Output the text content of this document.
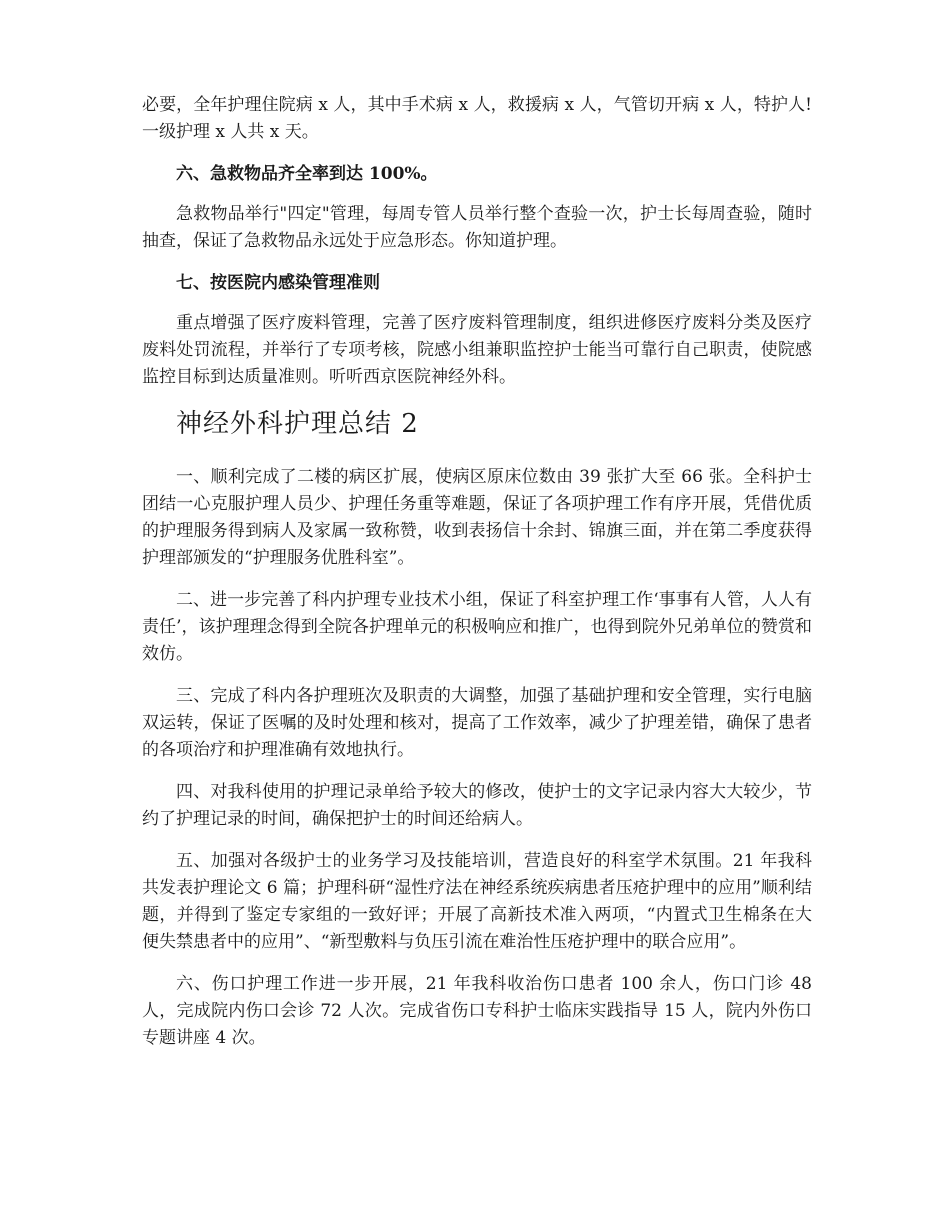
必要，全年护理住院病 x 人，其中手术病 x 人，救援病 x 人，气管切开病 x 人，特护人!一级护理 x 人共 x 天。

六、急救物品齐全率到达 100%。

急救物品举行"四定"管理，每周专管人员举行整个查验一次，护士长每周查验，随时抽查，保证了急救物品永远处于应急形态。你知道护理。

七、按医院内感染管理准则

重点增强了医疗废料管理，完善了医疗废料管理制度，组织进修医疗废料分类及医疗废料处罚流程，并举行了专项考核，院感小组兼职监控护士能当可靠行自己职责，使院感监控目标到达质量准则。听听西京医院神经外科。

神经外科护理总结 2

一、顺利完成了二楼的病区扩展，使病区原床位数由 39 张扩大至 66 张。全科护士团结一心克服护理人员少、护理任务重等难题，保证了各项护理工作有序开展，凭借优质的护理服务得到病人及家属一致称赞，收到表扬信十余封、锦旗三面，并在第二季度获得护理部颁发的“护理服务优胜科室”。

二、进一步完善了科内护理专业技术小组，保证了科室护理工作‘事事有人管，人人有责任’，该护理理念得到全院各护理单元的积极响应和推广，也得到院外兄弟单位的赞赏和效仿。

三、完成了科内各护理班次及职责的大调整，加强了基础护理和安全管理，实行电脑双运转，保证了医嘱的及时处理和核对，提高了工作效率，减少了护理差错，确保了患者的各项治疗和护理准确有效地执行。

四、对我科使用的护理记录单给予较大的修改，使护士的文字记录内容大大较少，节约了护理记录的时间，确保把护士的时间还给病人。

五、加强对各级护士的业务学习及技能培训，营造良好的科室学术氛围。21 年我科共发表护理论文 6 篇；护理科研“湿性疗法在神经系统疾病患者压疮护理中的应用”顺利结题，并得到了鉴定专家组的一致好评；开展了高新技术准入两项，“内置式卫生棉条在大便失禁患者中的应用”、“新型敷料与负压引流在难治性压疮护理中的联合应用”。

六、伤口护理工作进一步开展，21 年我科收治伤口患者 100 余人，伤口门诊 48 人，完成院内伤口会诊 72 人次。完成省伤口专科护士临床实践指导 15 人，院内外伤口专题讲座 4 次。
